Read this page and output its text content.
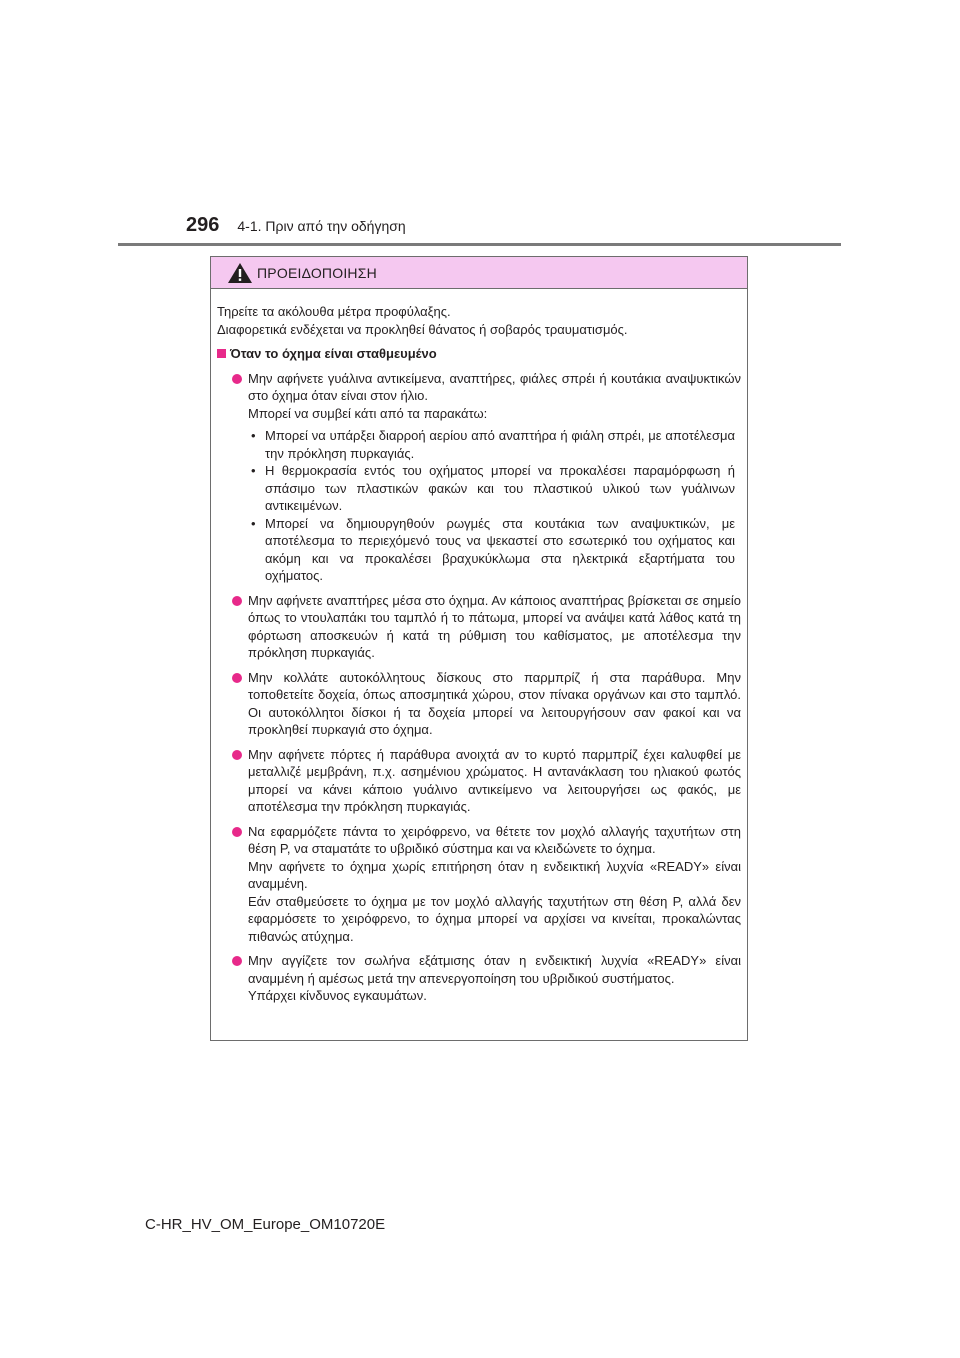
296 4-1. Πριν από την οδήγηση
ΠΡΟΕΙΔΟΠΟΙΗΣΗ

Τηρείτε τα ακόλουθα μέτρα προφύλαξης.

Διαφορετικά ενδέχεται να προκληθεί θάνατος ή σοβαρός τραυματισμός.

Όταν το όχημα είναι σταθμευμένο

Μην αφήνετε γυάλινα αντικείμενα, αναπτήρες, φιάλες σπρέι ή κουτάκια αναψυκτικών στο όχημα όταν είναι στον ήλιο.

Μπορεί να συμβεί κάτι από τα παρακάτω:

• Μπορεί να υπάρξει διαρροή αερίου από αναπτήρα ή φιάλη σπρέι, με αποτέλεσμα την πρόκληση πυρκαγιάς.
• Η θερμοκρασία εντός του οχήματος μπορεί να προκαλέσει παραμόρφωση ή σπάσιμο των πλαστικών φακών και του πλαστικού υλικού των γυάλινων αντικειμένων.
• Μπορεί να δημιουργηθούν ρωγμές στα κουτάκια των αναψυκτικών, με αποτέλεσμα το περιεχόμενό τους να ψεκαστεί στο εσωτερικό του οχήματος και ακόμη και να προκαλέσει βραχυκύκλωμα στα ηλεκτρικά εξαρτήματα του οχήματος.

Μην αφήνετε αναπτήρες μέσα στο όχημα. Αν κάποιος αναπτήρας βρίσκεται σε σημείο όπως το ντουλαπάκι του ταμπλό ή το πάτωμα, μπορεί να ανάψει κατά λάθος κατά τη φόρτωση αποσκευών ή κατά τη ρύθμιση του καθίσματος, με αποτέλεσμα την πρόκληση πυρκαγιάς.

Μην κολλάτε αυτοκόλλητους δίσκους στο παρμπρίζ ή στα παράθυρα. Μην τοποθετείτε δοχεία, όπως αποσμητικά χώρου, στον πίνακα οργάνων και στο ταμπλό. Οι αυτοκόλλητοι δίσκοι ή τα δοχεία μπορεί να λειτουργήσουν σαν φακοί και να προκληθεί πυρκαγιά στο όχημα.

Μην αφήνετε πόρτες ή παράθυρα ανοιχτά αν το κυρτό παρμπρίζ έχει καλυφθεί με μεταλλιζέ μεμβράνη, π.χ. ασημένιου χρώματος. Η αντανάκλαση του ηλιακού φωτός μπορεί να κάνει κάποιο γυάλινο αντικείμενο να λειτουργήσει ως φακός, με αποτέλεσμα την πρόκληση πυρκαγιάς.

Να εφαρμόζετε πάντα το χειρόφρενο, να θέτετε τον μοχλό αλλαγής ταχυτήτων στη θέση P, να σταματάτε το υβριδικό σύστημα και να κλειδώνετε το όχημα.

Μην αφήνετε το όχημα χωρίς επιτήρηση όταν η ενδεικτική λυχνία «READY» είναι αναμμένη.

Εάν σταθμεύσετε το όχημα με τον μοχλό αλλαγής ταχυτήτων στη θέση P, αλλά δεν εφαρμόσετε το χειρόφρενο, το όχημα μπορεί να αρχίσει να κινείται, προκαλώντας πιθανώς ατύχημα.

Μην αγγίζετε τον σωλήνα εξάτμισης όταν η ενδεικτική λυχνία «READY» είναι αναμμένη ή αμέσως μετά την απενεργοποίηση του υβριδικού συστήματος.

Υπάρχει κίνδυνος εγκαυμάτων.

C-HR_HV_OM_Europe_OM10720E
